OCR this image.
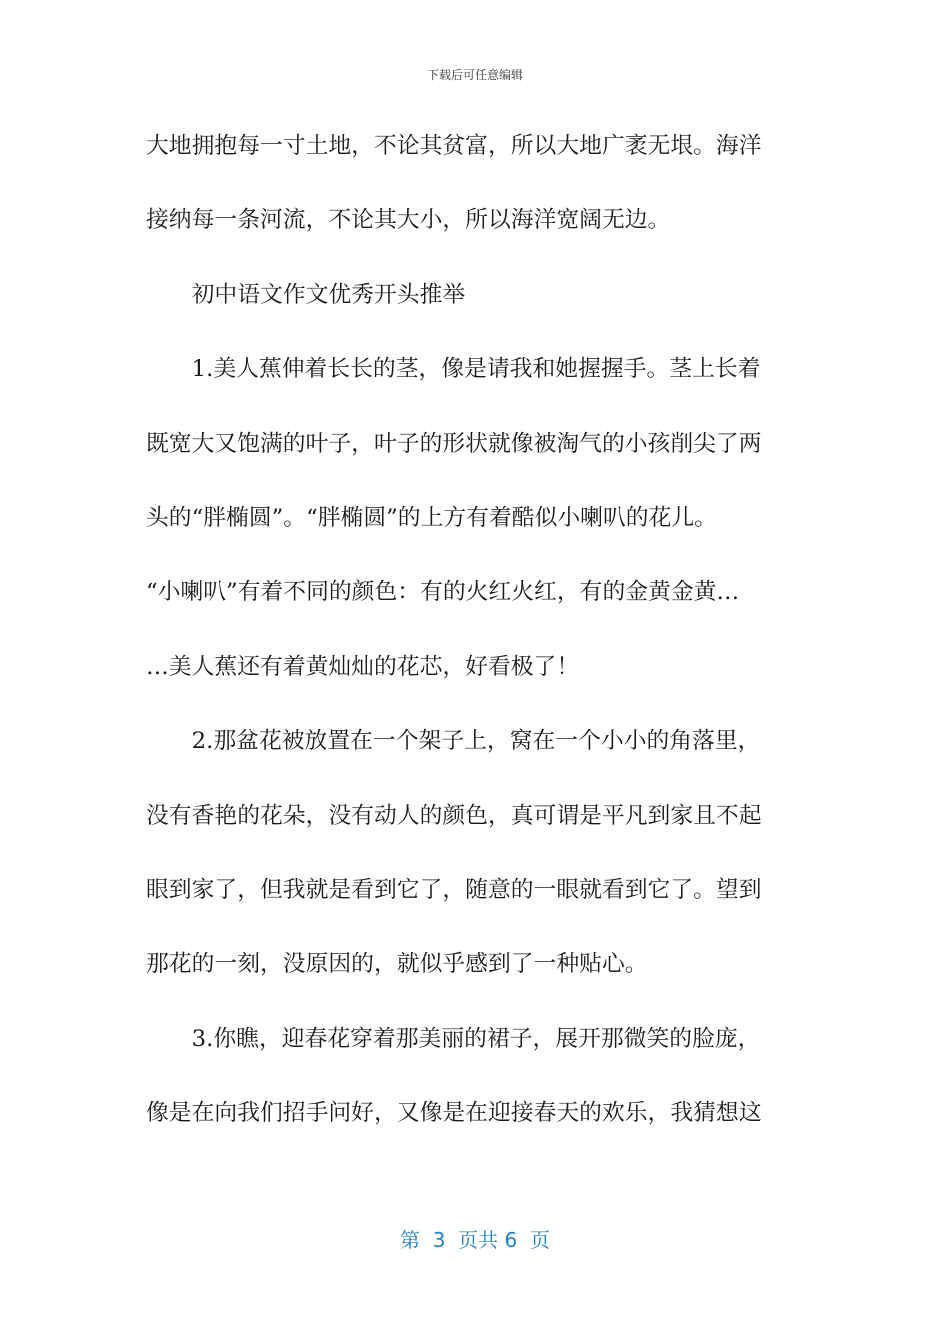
下载后可任意编辑
大地拥抱每一寸土地，不论其贫富，所以大地广袤无垠。海洋
接纳每一条河流，不论其大小，所以海洋宽阔无边。
　　初中语文作文优秀开头推举
　　1.美人蕉伸着长长的茎，像是请我和她握握手。茎上长着
既宽大又饱满的叶子，叶子的形状就像被淘气的小孩削尖了两
头的“胖椭圆”。“胖椭圆”的上方有着酷似小喇叭的花儿。
“小喇叭”有着不同的颜色：有的火红火红，有的金黄金黄…
…美人蕉还有着黄灿灿的花芯，好看极了！
　　2.那盆花被放置在一个架子上，窝在一个小小的角落里，
没有香艳的花朵，没有动人的颜色，真可谓是平凡到家且不起
眼到家了，但我就是看到它了，随意的一眼就看到它了。望到
那花的一刻，没原因的，就似乎感到了一种贴心。
　　3.你瞧，迎春花穿着那美丽的裙子，展开那微笑的脸庞，
像是在向我们招手问好，又像是在迎接春天的欢乐，我猜想这
第  3  页共 6  页
